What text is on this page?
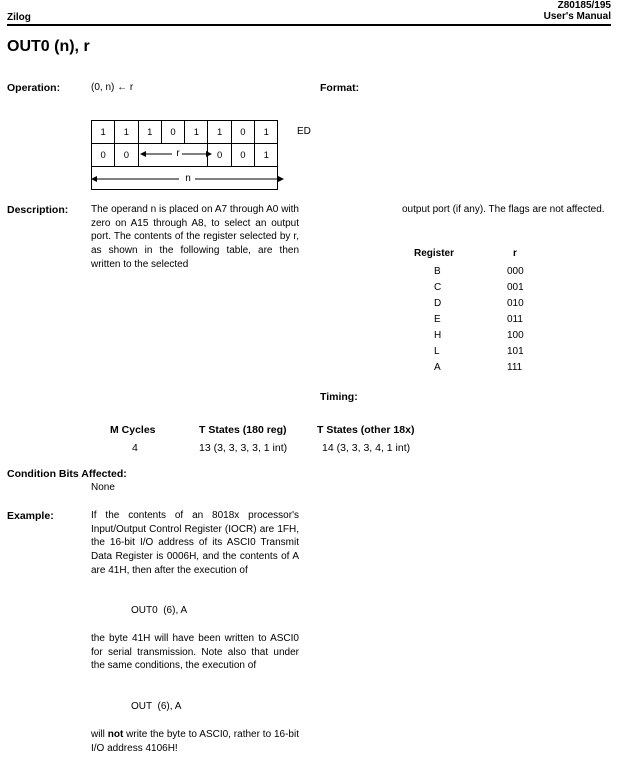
Zilog
Z80185/195
User's Manual
OUT0 (n), r
Operation:	(0, n) ← r	Format:
1	1	1	0	1	1	0	1
0	0				0	0	1

ED
r
n
Description: The operand n is placed on A7 through A0 with zero on A15 through A8, to select an output port. The contents of the register selected by r, as shown in the following table, are then written to the selected
output port (if any). The flags are not affected.
Register	r
B	000
C	001
D	010
E	011
H	100
L	101
A	111
Timing:
M Cycles	T States (180 reg)	T States (other 18x)
4	13 (3, 3, 3, 3, 1 int)	14 (3, 3, 3, 4, 1 int)
Condition Bits Affected:
None
Example:	If the contents of an 8018x processor's Input/Output Control Register (IOCR) are 1FH, the 16-bit I/O address of its ASCI0 Transmit Data Register is 0006H, and the contents of A are 41H, then after the execution of
OUT0  (6), A
the byte 41H will have been written to ASCI0 for serial transmission. Note also that under the same conditions, the execution of
OUT  (6), A
will not write the byte to ASCI0, rather to 16-bit I/O address 4106H!
